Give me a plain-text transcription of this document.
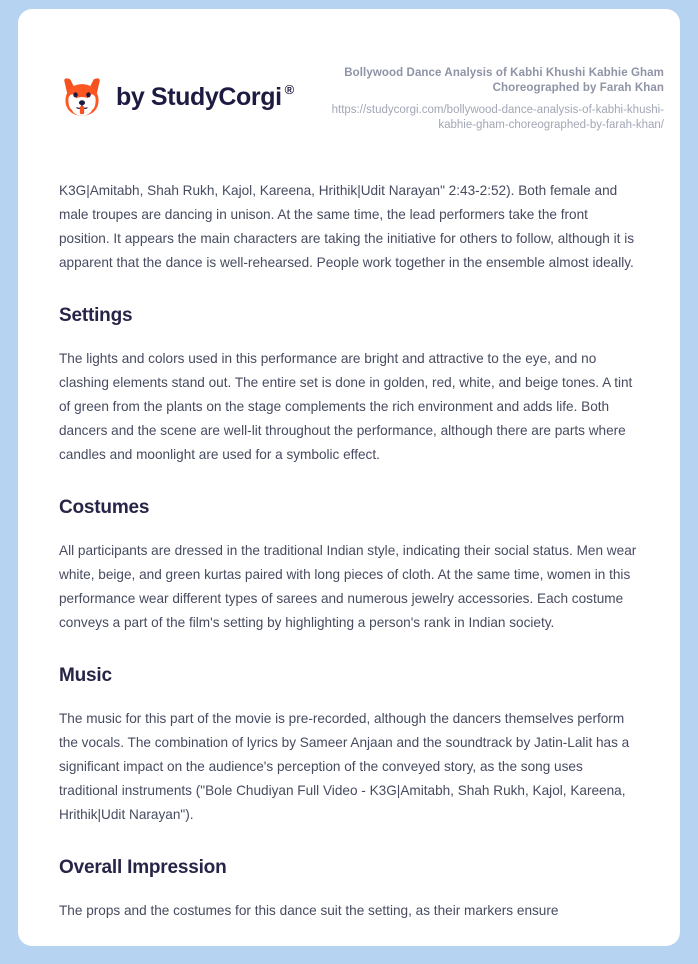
by StudyCorgi ®
Bollywood Dance Analysis of Kabhi Khushi Kabhie Gham Choreographed by Farah Khan
https://studycorgi.com/bollywood-dance-analysis-of-kabhi-khushi-kabhie-gham-choreographed-by-farah-khan/

K3G|Amitabh, Shah Rukh, Kajol, Kareena, Hrithik|Udit Narayan" 2:43-2:52). Both female and male troupes are dancing in unison. At the same time, the lead performers take the front position. It appears the main characters are taking the initiative for others to follow, although it is apparent that the dance is well-rehearsed. People work together in the ensemble almost ideally.

Settings

The lights and colors used in this performance are bright and attractive to the eye, and no clashing elements stand out. The entire set is done in golden, red, white, and beige tones. A tint of green from the plants on the stage complements the rich environment and adds life. Both dancers and the scene are well-lit throughout the performance, although there are parts where candles and moonlight are used for a symbolic effect.

Costumes

All participants are dressed in the traditional Indian style, indicating their social status. Men wear white, beige, and green kurtas paired with long pieces of cloth. At the same time, women in this performance wear different types of sarees and numerous jewelry accessories. Each costume conveys a part of the film's setting by highlighting a person's rank in Indian society.

Music

The music for this part of the movie is pre-recorded, although the dancers themselves perform the vocals. The combination of lyrics by Sameer Anjaan and the soundtrack by Jatin-Lalit has a significant impact on the audience's perception of the conveyed story, as the song uses traditional instruments ("Bole Chudiyan Full Video - K3G|Amitabh, Shah Rukh, Kajol, Kareena, Hrithik|Udit Narayan").

Overall Impression

The props and the costumes for this dance suit the setting, as their markers ensure
